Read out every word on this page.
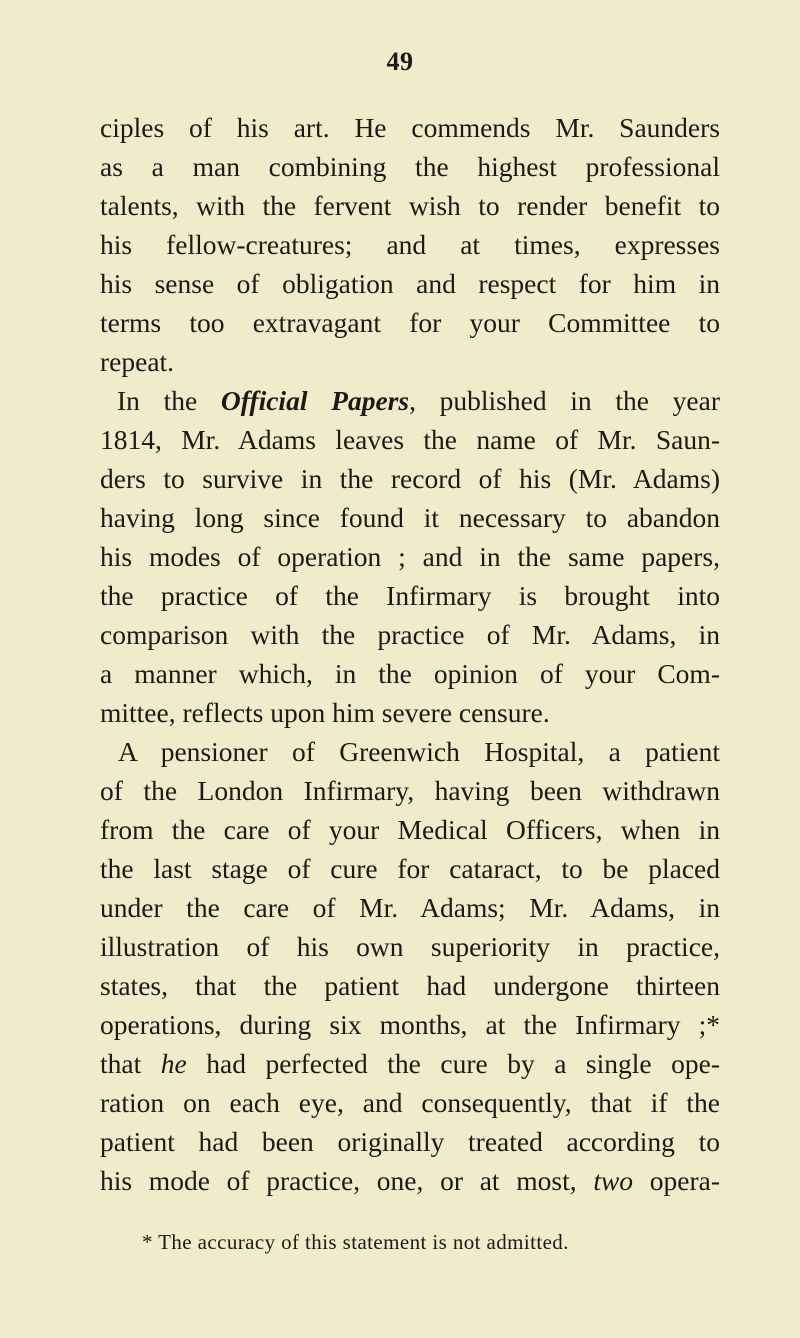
49
ciples of his art. He commends Mr. Saunders
as a man combining the highest professional
talents, with the fervent wish to render benefit to
his fellow-creatures; and at times, expresses
his sense of obligation and respect for him in
terms too extravagant for your Committee to
repeat.
In the Official Papers, published in the year
1814, Mr. Adams leaves the name of Mr. Saun-
ders to survive in the record of his (Mr. Adams)
having long since found it necessary to abandon
his modes of operation ; and in the same papers,
the practice of the Infirmary is brought into
comparison with the practice of Mr. Adams, in
a manner which, in the opinion of your Com-
mittee, reflects upon him severe censure.
A pensioner of Greenwich Hospital, a patient
of the London Infirmary, having been withdrawn
from the care of your Medical Officers, when in
the last stage of cure for cataract, to be placed
under the care of Mr. Adams; Mr. Adams, in
illustration of his own superiority in practice,
states, that the patient had undergone thirteen
operations, during six months, at the Infirmary ;*
that he had perfected the cure by a single ope-
ration on each eye, and consequently, that if the
patient had been originally treated according to
his mode of practice, one, or at most, two opera-
* The accuracy of this statement is not admitted.
